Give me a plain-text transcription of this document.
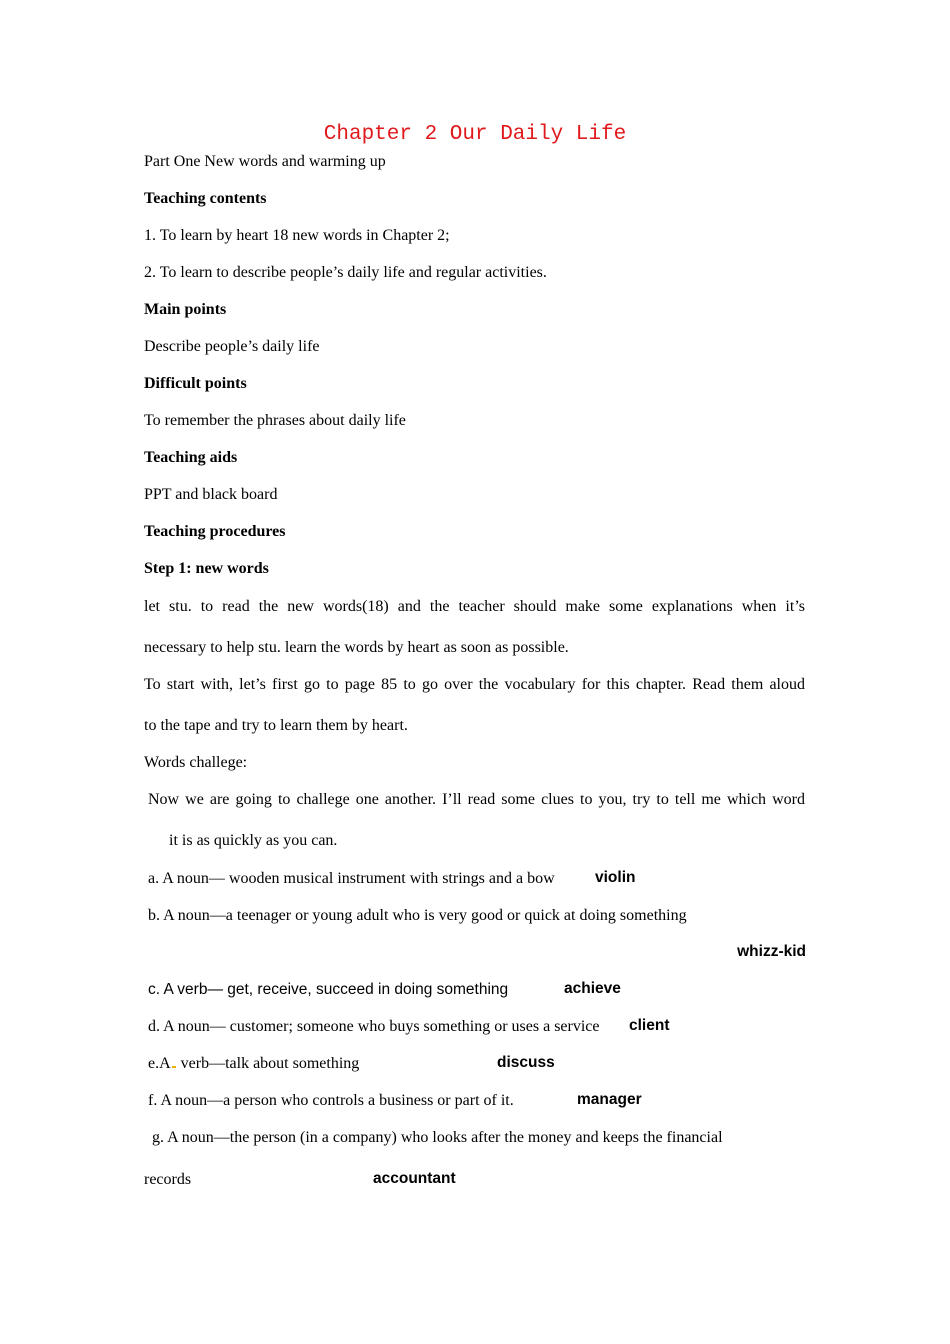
Chapter 2 Our Daily Life
Part One New words and warming up
Teaching contents
1. To learn by heart 18 new words in Chapter 2;
2. To learn to describe people’s daily life and regular activities.
Main points
Describe people’s daily life
Difficult points
To remember the phrases about daily life
Teaching aids
PPT and black board
Teaching procedures
Step 1: new words
let stu. to read the new words(18) and the teacher should make some explanations when it’s
necessary to help stu. learn the words by heart as soon as possible.
To start with, let’s first go to page 85 to go over the vocabulary for this chapter. Read them aloud
to the tape and try to learn them by heart.
Words challege:
Now we are going to challege one another. I’ll read some clues to you, try to tell me which word
it is as quickly as you can.
a. A noun— wooden musical instrument with strings and a bow	violin
b. A noun—a teenager or young adult who is very good or quick at doing something
whizz-kid
c. A verb— get, receive, succeed in doing something	achieve
d. A noun— customer; someone who buys something or uses a service	client
e.A verb—talk about something	discuss
f. A noun—a person who controls a business or part of it.	manager
g. A noun—the person (in a company) who looks after the money and keeps the financial
records	accountant
